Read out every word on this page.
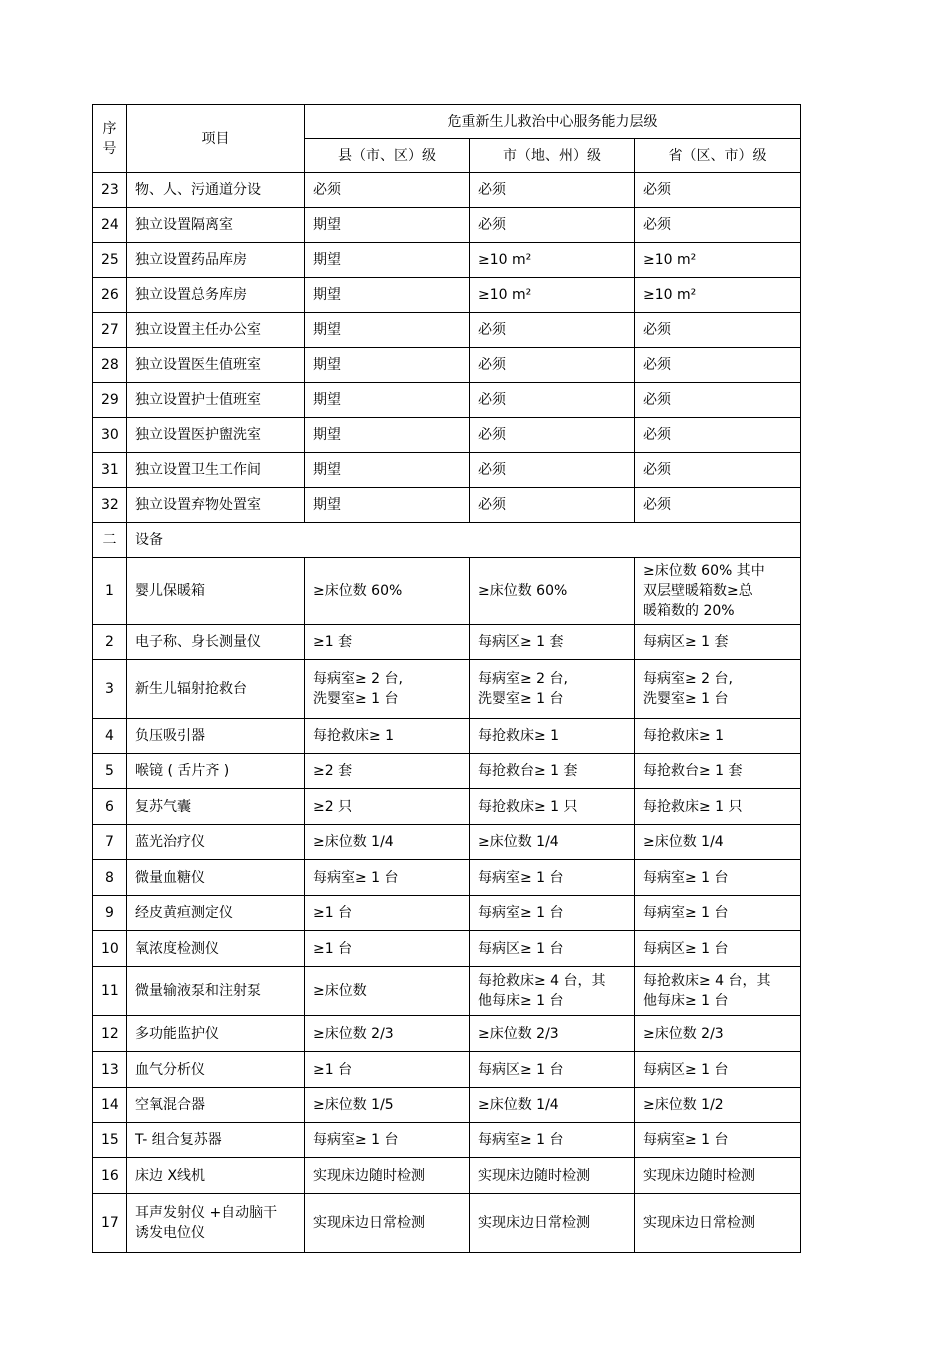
序号	项目	危重新生儿救治中心服务能力层级		
		县（市、区）级	市（地、州）级	省（区、市）级
23	物、人、污通道分设	必须	必须	必须
24	独立设置隔离室	期望	必须	必须
25	独立设置药品库房	期望	≥10 m²	≥10 m²
26	独立设置总务库房	期望	≥10 m²	≥10 m²
27	独立设置主任办公室	期望	必须	必须
28	独立设置医生值班室	期望	必须	必须
29	独立设置护士值班室	期望	必须	必须
30	独立设置医护盥洗室	期望	必须	必须
31	独立设置卫生工作间	期望	必须	必须
32	独立设置弃物处置室	期望	必须	必须
二	设备			
1	婴儿保暖箱	≥床位数 60%	≥床位数 60%	≥床位数 60% 其中
双层壁暖箱数≥总
暖箱数的 20%
2	电子称、身长测量仪	≥1 套	每病区≥ 1 套	每病区≥ 1 套
3	新生儿辐射抢救台	每病室≥ 2 台,
洗婴室≥ 1 台	每病室≥ 2 台,
洗婴室≥ 1 台	每病室≥ 2 台,
洗婴室≥ 1 台
4	负压吸引器	每抢救床≥ 1	每抢救床≥ 1	每抢救床≥ 1
5	喉镜 ( 舌片齐 )	≥2 套	每抢救台≥ 1 套	每抢救台≥ 1 套
6	复苏气囊	≥2 只	每抢救床≥ 1 只	每抢救床≥ 1 只
7	蓝光治疗仪	≥床位数 1/4	≥床位数 1/4	≥床位数 1/4
8	微量血糖仪	每病室≥ 1 台	每病室≥ 1 台	每病室≥ 1 台
9	经皮黄疸测定仪	≥1 台	每病室≥ 1 台	每病室≥ 1 台
10	氧浓度检测仪	≥1 台	每病区≥ 1 台	每病区≥ 1 台
11	微量输液泵和注射泵	≥床位数	每抢救床≥ 4 台，其
他每床≥ 1 台	每抢救床≥ 4 台，其
他每床≥ 1 台
12	多功能监护仪	≥床位数 2/3	≥床位数 2/3	≥床位数 2/3
13	血气分析仪	≥1 台	每病区≥ 1 台	每病区≥ 1 台
14	空氧混合器	≥床位数 1/5	≥床位数 1/4	≥床位数 1/2
15	T- 组合复苏器	每病室≥ 1 台	每病室≥ 1 台	每病室≥ 1 台
16	床边 X线机	实现床边随时检测	实现床边随时检测	实现床边随时检测
17	耳声发射仪 +自动脑干
诱发电位仪	实现床边日常检测	实现床边日常检测	实现床边日常检测
